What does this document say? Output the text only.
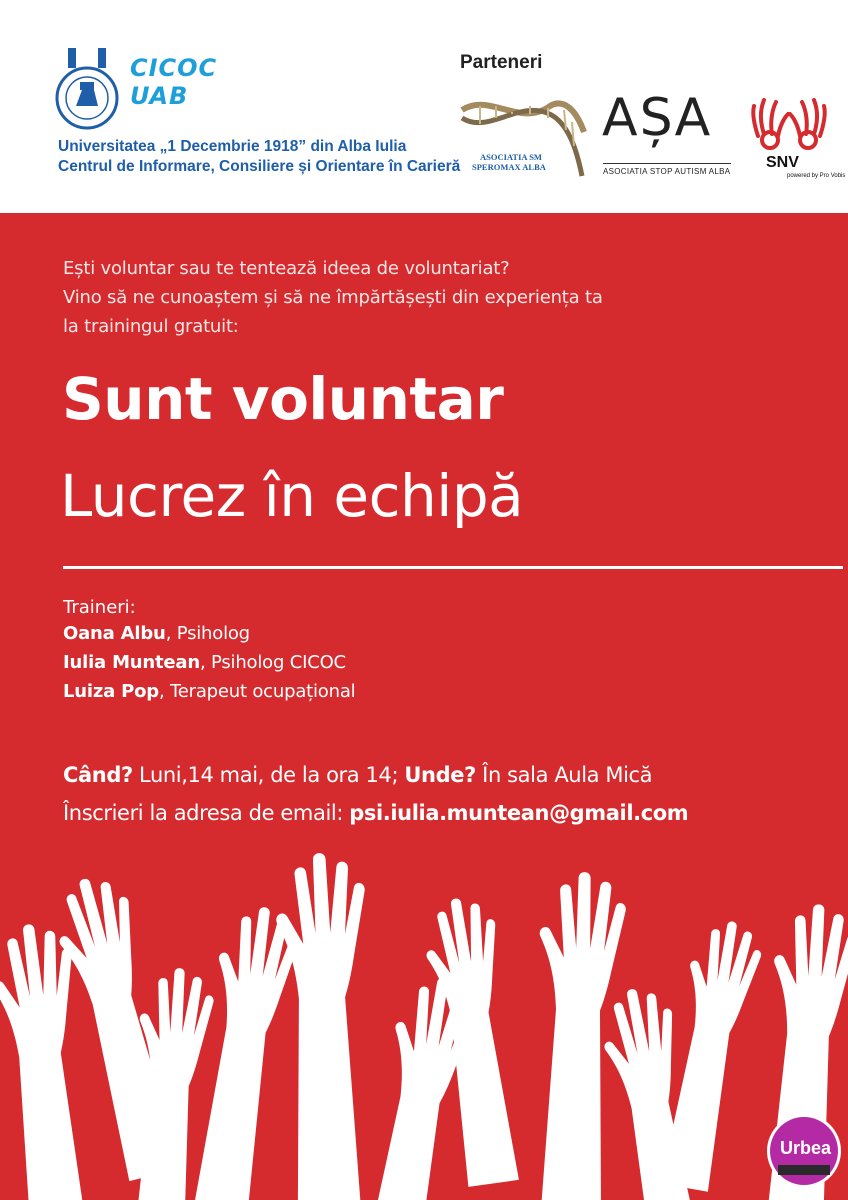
CICOC
UAB
Universitatea „1 Decembrie 1918” din Alba Iulia
Centrul de Informare, Consiliere și Orientare în Carieră
Parteneri
ASOCIATIA SM
SPEROMAX ALBA
AȘA
ASOCIATIA STOP AUTISM ALBA
SNV
powered by Pro Vobis
Ești voluntar sau te tentează ideea de voluntariat?
Vino să ne cunoaștem și să ne împărtășești din experiența ta
la trainingul gratuit:
Sunt voluntar
Lucrez în echipă
Traineri:
Oana Albu, Psiholog
Iulia Muntean, Psiholog CICOC
Luiza Pop, Terapeut ocupațional
Când? Luni,14 mai, de la ora 14; Unde? În sala Aula Mică
Înscrieri la adresa de email: psi.iulia.muntean@gmail.com
Urbea
